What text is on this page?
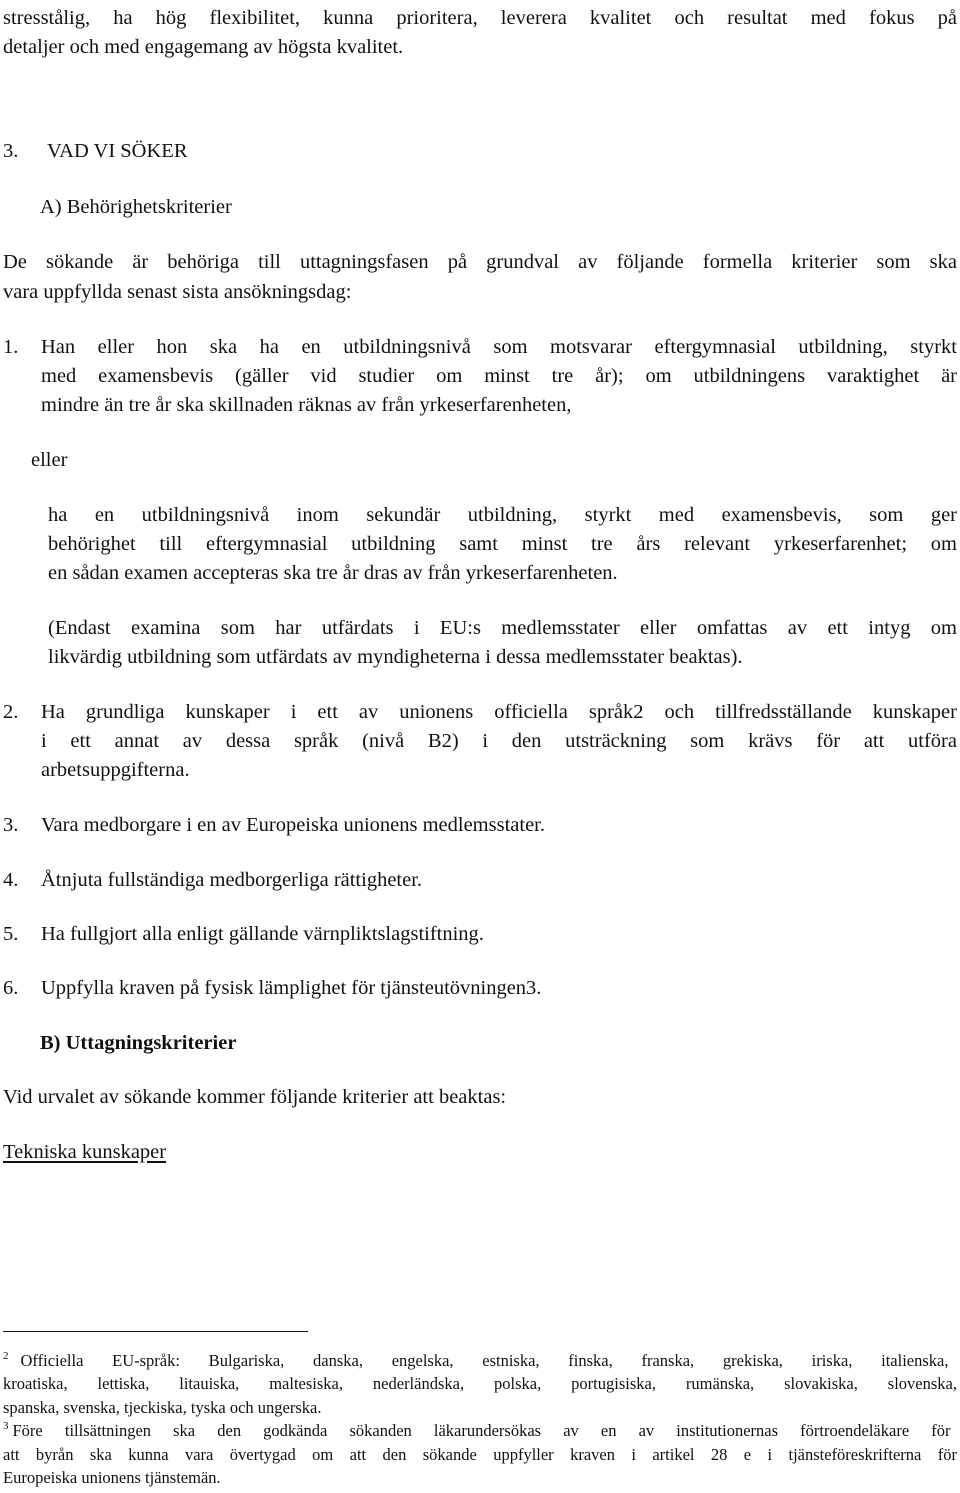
stresstålig, ha hög flexibilitet, kunna prioritera, leverera kvalitet och resultat med fokus på

detaljer och med engagemang av högsta kvalitet.

3. VAD VI SÖKER

A) Behörighetskriterier

De sökande är behöriga till uttagningsfasen på grundval av följande formella kriterier som ska

vara uppfyllda senast sista ansökningsdag:

1. Han eller hon ska ha en utbildningsnivå som motsvarar eftergymnasial utbildning, styrkt

med examensbevis (gäller vid studier om minst tre år); om utbildningens varaktighet är

mindre än tre år ska skillnaden räknas av från yrkeserfarenheten,

eller

ha en utbildningsnivå inom sekundär utbildning, styrkt med examensbevis, som ger

behörighet till eftergymnasial utbildning samt minst tre års relevant yrkeserfarenhet; om

en sådan examen accepteras ska tre år dras av från yrkeserfarenheten.

(Endast examina som har utfärdats i EU:s medlemsstater eller omfattas av ett intyg om

likvärdig utbildning som utfärdats av myndigheterna i dessa medlemsstater beaktas).

2. Ha grundliga kunskaper i ett av unionens officiella språk2 och tillfredsställande kunskaper

i ett annat av dessa språk (nivå B2) i den utsträckning som krävs för att utföra

arbetsuppgifterna.

3. Vara medborgare i en av Europeiska unionens medlemsstater.

4. Åtnjuta fullständiga medborgerliga rättigheter.

5. Ha fullgjort alla enligt gällande värnpliktslagstiftning.

6. Uppfylla kraven på fysisk lämplighet för tjänsteutövningen3.

B) Uttagningskriterier

Vid urvalet av sökande kommer följande kriterier att beaktas:

Tekniska kunskaper

$^2$ Officiella EU-språk: Bulgariska, danska, engelska, estniska, finska, franska, grekiska, iriska, italienska,

kroatiska, lettiska, litauiska, maltesiska, nederländska, polska, portugisiska, rumänska, slovakiska, slovenska,

spanska, svenska, tjeckiska, tyska och ungerska.

$^3$ Före tillsättningen ska den godkända sökanden läkarundersökas av en av institutionernas förtroendeläkare för

att byrån ska kunna vara övertygad om att den sökande uppfyller kraven i artikel 28 e i tjänsteföreskrifterna för

Europeiska unionens tjänstemän.
